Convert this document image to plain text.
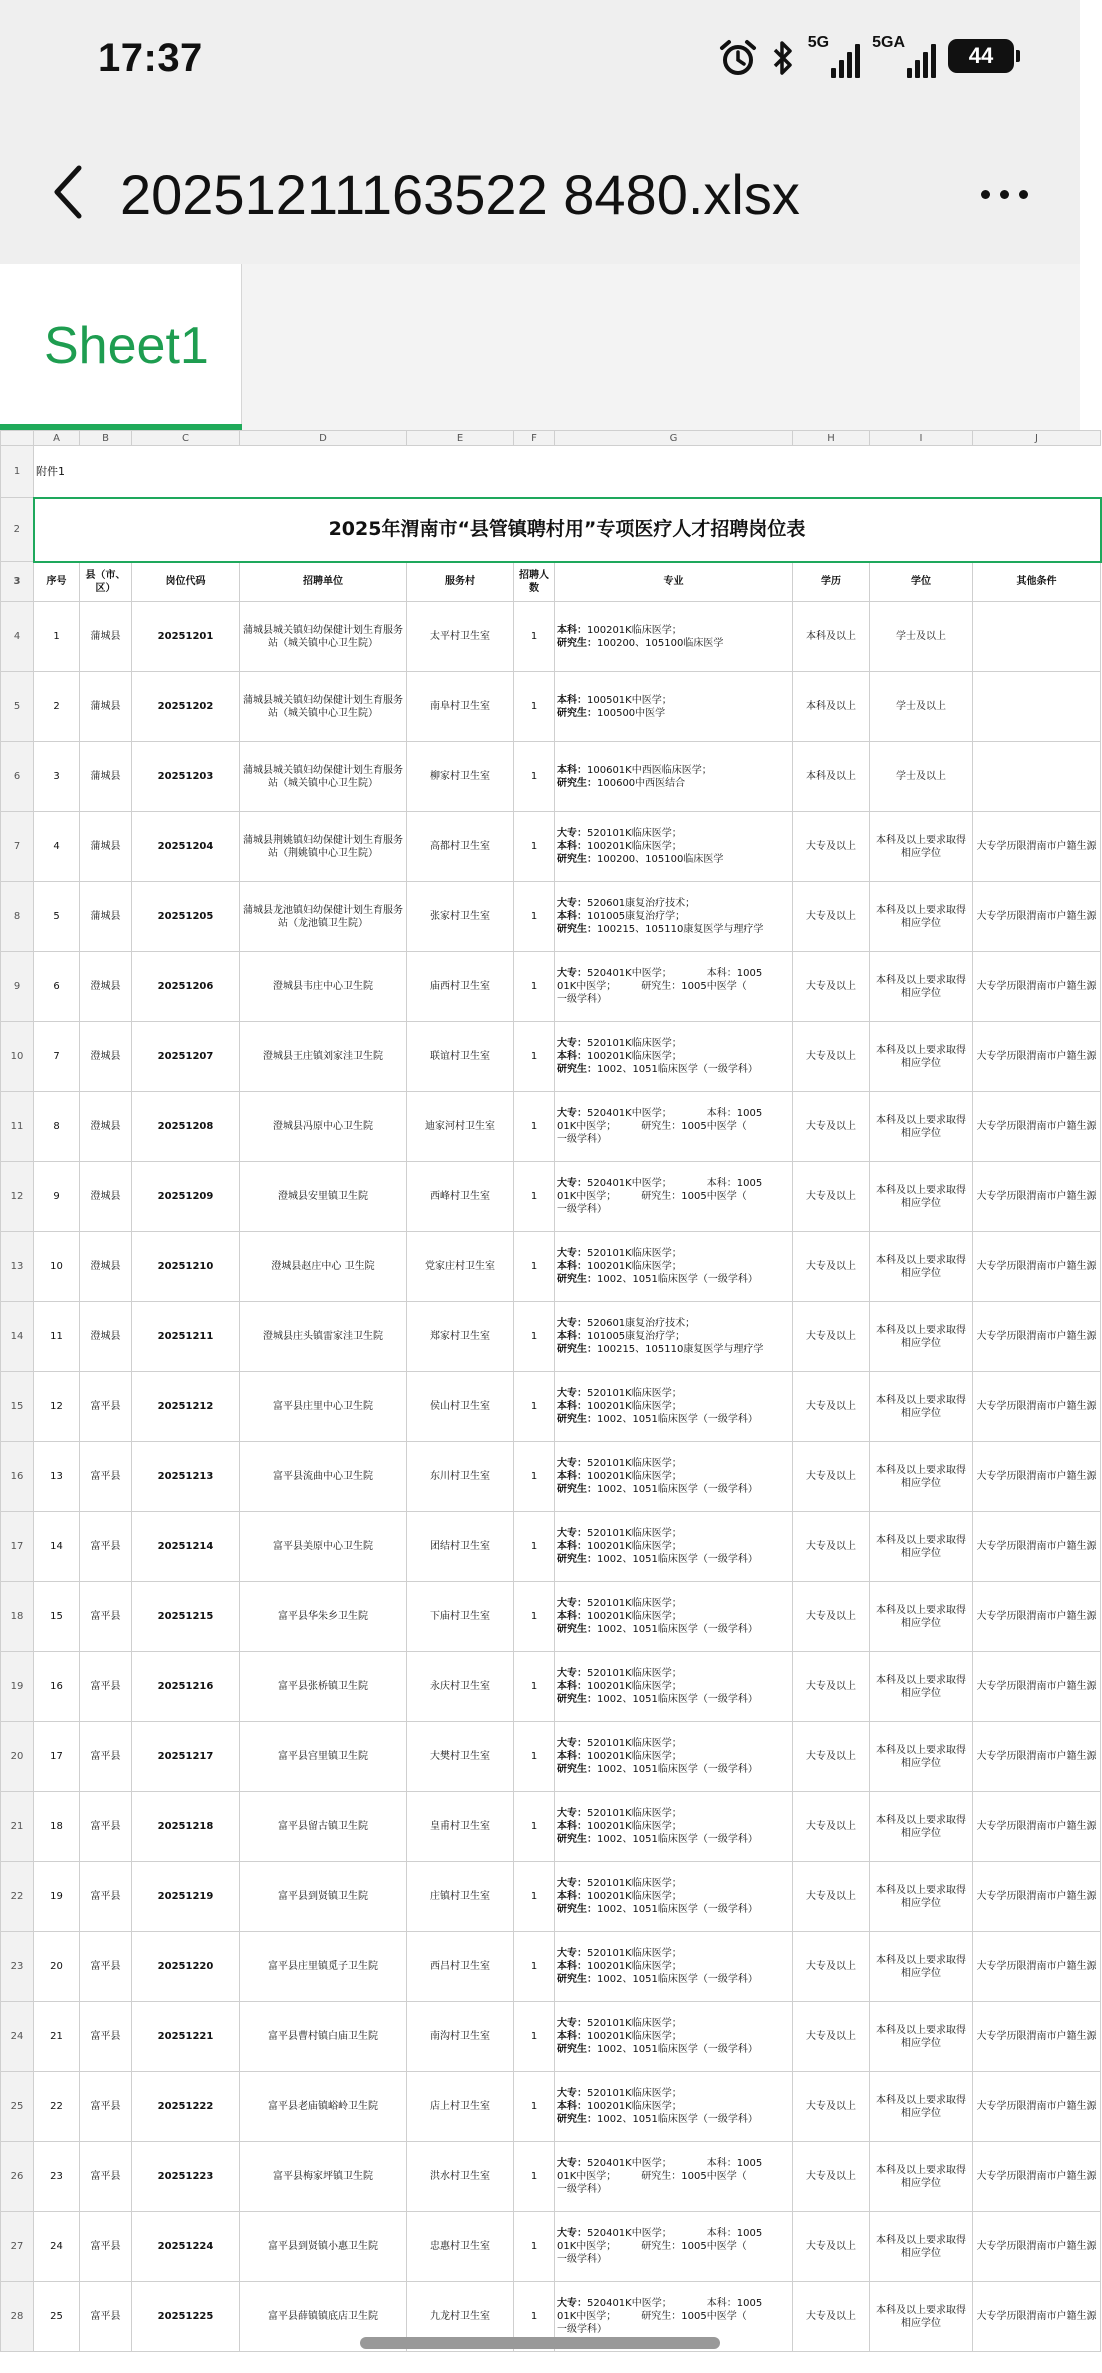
17:37	5G	5GA
44
20251211163522 8480.xlsx
Sheet1
	A	B	C	D	E	F	G	H	I	J
1	附件1									
2	2025年渭南市“县管镇聘村用”专项医疗人才招聘岗位表									
3	序号	县（市、区）	岗位代码	招聘单位	服务村	招聘人数	专业	学历	学位	其他条件
4	1	蒲城县	20251201	蒲城县城关镇妇幼保健计划生育服务站（城关镇中心卫生院）	太平村卫生室	1	本科：100201K临床医学；
研究生：100200、105100临床医学	本科及以上	学士及以上	
5	2	蒲城县	20251202	蒲城县城关镇妇幼保健计划生育服务站（城关镇中心卫生院）	南阜村卫生室	1	本科：100501K中医学；
研究生：100500中医学	本科及以上	学士及以上	
6	3	蒲城县	20251203	蒲城县城关镇妇幼保健计划生育服务站（城关镇中心卫生院）	柳家村卫生室	1	本科：100601K中西医临床医学；
研究生：100600中西医结合	本科及以上	学士及以上	
7	4	蒲城县	20251204	蒲城县荆姚镇妇幼保健计划生育服务站（荆姚镇中心卫生院）	高都村卫生室	1	大专：520101K临床医学；
本科：100201K临床医学；
研究生：100200、105100临床医学	大专及以上	本科及以上要求取得相应学位	大专学历限渭南市户籍生源
8	5	蒲城县	20251205	蒲城县龙池镇妇幼保健计划生育服务站（龙池镇卫生院）	张家村卫生室	1	大专：520601康复治疗技术；
本科：101005康复治疗学；
研究生：100215、105110康复医学与理疗学	大专及以上	本科及以上要求取得相应学位	大专学历限渭南市户籍生源
9	6	澄城县	20251206	澄城县韦庄中心卫生院	庙西村卫生室	1	大专：520401K中医学；　　　　本科：1005
01K中医学；　　　研究生：1005中医学（
一级学科）	大专及以上	本科及以上要求取得相应学位	大专学历限渭南市户籍生源
10	7	澄城县	20251207	澄城县王庄镇刘家洼卫生院	联谊村卫生室	1	大专：520101K临床医学；
本科：100201K临床医学；
研究生：1002、1051临床医学（一级学科）	大专及以上	本科及以上要求取得相应学位	大专学历限渭南市户籍生源
11	8	澄城县	20251208	澄城县冯原中心卫生院	迪家河村卫生室	1	大专：520401K中医学；　　　　本科：1005
01K中医学；　　　研究生：1005中医学（
一级学科）	大专及以上	本科及以上要求取得相应学位	大专学历限渭南市户籍生源
12	9	澄城县	20251209	澄城县安里镇卫生院	西峰村卫生室	1	大专：520401K中医学；　　　　本科：1005
01K中医学；　　　研究生：1005中医学（
一级学科）	大专及以上	本科及以上要求取得相应学位	大专学历限渭南市户籍生源
13	10	澄城县	20251210	澄城县赵庄中心 卫生院	党家庄村卫生室	1	大专：520101K临床医学；
本科：100201K临床医学；
研究生：1002、1051临床医学（一级学科）	大专及以上	本科及以上要求取得相应学位	大专学历限渭南市户籍生源
14	11	澄城县	20251211	澄城县庄头镇雷家洼卫生院	郑家村卫生室	1	大专：520601康复治疗技术；
本科：101005康复治疗学；
研究生：100215、105110康复医学与理疗学	大专及以上	本科及以上要求取得相应学位	大专学历限渭南市户籍生源
15	12	富平县	20251212	富平县庄里中心卫生院	侯山村卫生室	1	大专：520101K临床医学；
本科：100201K临床医学；
研究生：1002、1051临床医学（一级学科）	大专及以上	本科及以上要求取得相应学位	大专学历限渭南市户籍生源
16	13	富平县	20251213	富平县流曲中心卫生院	东川村卫生室	1	大专：520101K临床医学；
本科：100201K临床医学；
研究生：1002、1051临床医学（一级学科）	大专及以上	本科及以上要求取得相应学位	大专学历限渭南市户籍生源
17	14	富平县	20251214	富平县美原中心卫生院	团结村卫生室	1	大专：520101K临床医学；
本科：100201K临床医学；
研究生：1002、1051临床医学（一级学科）	大专及以上	本科及以上要求取得相应学位	大专学历限渭南市户籍生源
18	15	富平县	20251215	富平县华朱乡卫生院	下庙村卫生室	1	大专：520101K临床医学；
本科：100201K临床医学；
研究生：1002、1051临床医学（一级学科）	大专及以上	本科及以上要求取得相应学位	大专学历限渭南市户籍生源
19	16	富平县	20251216	富平县张桥镇卫生院	永庆村卫生室	1	大专：520101K临床医学；
本科：100201K临床医学；
研究生：1002、1051临床医学（一级学科）	大专及以上	本科及以上要求取得相应学位	大专学历限渭南市户籍生源
20	17	富平县	20251217	富平县宫里镇卫生院	大樊村卫生室	1	大专：520101K临床医学；
本科：100201K临床医学；
研究生：1002、1051临床医学（一级学科）	大专及以上	本科及以上要求取得相应学位	大专学历限渭南市户籍生源
21	18	富平县	20251218	富平县留古镇卫生院	皇甫村卫生室	1	大专：520101K临床医学；
本科：100201K临床医学；
研究生：1002、1051临床医学（一级学科）	大专及以上	本科及以上要求取得相应学位	大专学历限渭南市户籍生源
22	19	富平县	20251219	富平县到贤镇卫生院	庄镇村卫生室	1	大专：520101K临床医学；
本科：100201K临床医学；
研究生：1002、1051临床医学（一级学科）	大专及以上	本科及以上要求取得相应学位	大专学历限渭南市户籍生源
23	20	富平县	20251220	富平县庄里镇觅子卫生院	西吕村卫生室	1	大专：520101K临床医学；
本科：100201K临床医学；
研究生：1002、1051临床医学（一级学科）	大专及以上	本科及以上要求取得相应学位	大专学历限渭南市户籍生源
24	21	富平县	20251221	富平县曹村镇白庙卫生院	南沟村卫生室	1	大专：520101K临床医学；
本科：100201K临床医学；
研究生：1002、1051临床医学（一级学科）	大专及以上	本科及以上要求取得相应学位	大专学历限渭南市户籍生源
25	22	富平县	20251222	富平县老庙镇峪岭卫生院	店上村卫生室	1	大专：520101K临床医学；
本科：100201K临床医学；
研究生：1002、1051临床医学（一级学科）	大专及以上	本科及以上要求取得相应学位	大专学历限渭南市户籍生源
26	23	富平县	20251223	富平县梅家坪镇卫生院	洪水村卫生室	1	大专：520401K中医学；　　　　本科：1005
01K中医学；　　　研究生：1005中医学（
一级学科）	大专及以上	本科及以上要求取得相应学位	大专学历限渭南市户籍生源
27	24	富平县	20251224	富平县到贤镇小惠卫生院	忠惠村卫生室	1	大专：520401K中医学；　　　　本科：1005
01K中医学；　　　研究生：1005中医学（
一级学科）	大专及以上	本科及以上要求取得相应学位	大专学历限渭南市户籍生源
28	25	富平县	20251225	富平县薛镇镇底店卫生院	九龙村卫生室	1	大专：520401K中医学；　　　　本科：1005
01K中医学；　　　研究生：1005中医学（
一级学科）	大专及以上	本科及以上要求取得相应学位	大专学历限渭南市户籍生源
